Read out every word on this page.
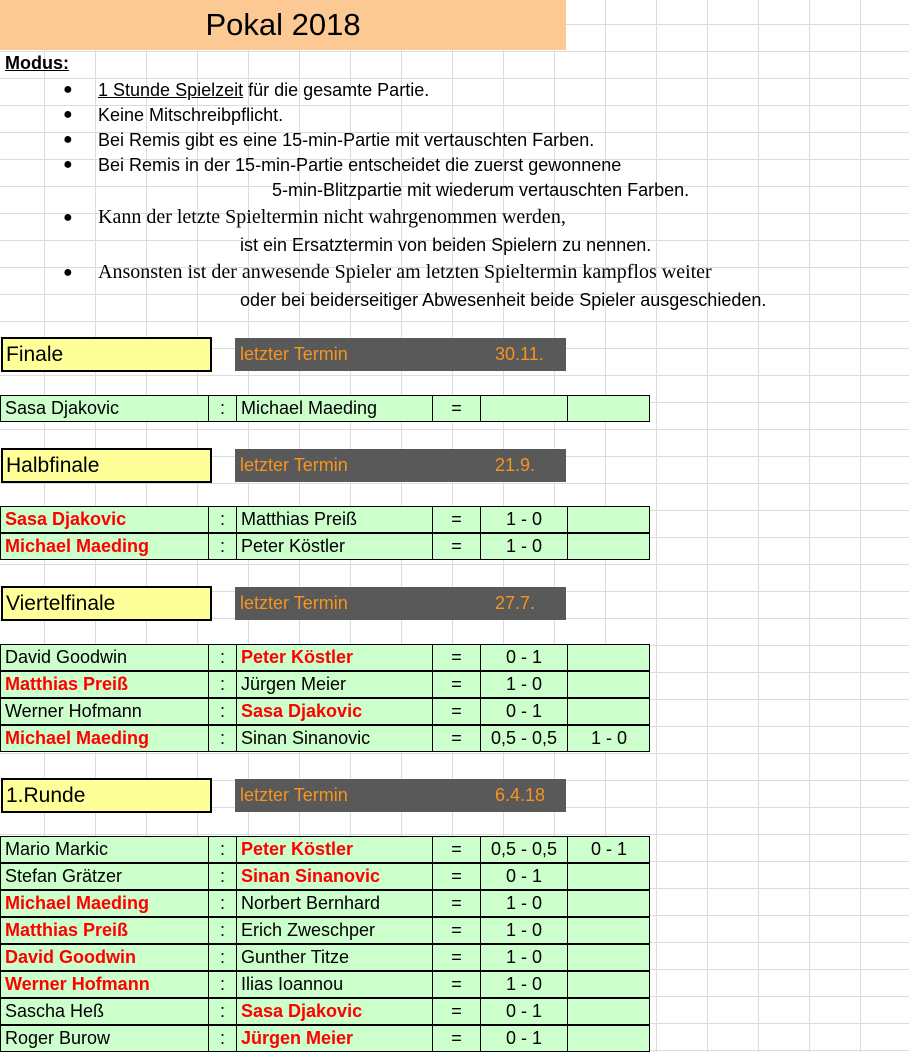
Pokal 2018
Modus:
● 1 Stunde Spielzeit für die gesamte Partie.
● Keine Mitschreibpflicht.
● Bei Remis gibt es eine 15-min-Partie mit vertauschten Farben.
● Bei Remis in der 15-min-Partie entscheidet die zuerst gewonnene
5-min-Blitzpartie mit wiederum vertauschten Farben.
● Kann der letzte Spieltermin nicht wahrgenommen werden,
ist ein Ersatztermin von beiden Spielern zu nennen.
● Ansonsten ist der anwesende Spieler am letzten Spieltermin kampflos weiter
oder bei beiderseitiger Abwesenheit beide Spieler ausgeschieden.
Finale	letzter Termin	30.11.
Sasa Djakovic	: Michael Maeding	=
Halbfinale	letzter Termin	21.9.
Sasa Djakovic	: Matthias Preiß	=	1 - 0
Michael Maeding	: Peter Köstler	=	1 - 0
Viertelfinale	letzter Termin	27.7.
David Goodwin	: Peter Köstler	=	0 - 1
Matthias Preiß	: Jürgen Meier	=	1 - 0
Werner Hofmann	: Sasa Djakovic	=	0 - 1
Michael Maeding	: Sinan Sinanovic	=	0,5 - 0,5	1 - 0
1.Runde	letzter Termin	6.4.18
Mario Markic	: Peter Köstler	=	0,5 - 0,5	0 - 1
Stefan Grätzer	: Sinan Sinanovic	=	0 - 1
Michael Maeding	: Norbert Bernhard	=	1 - 0
Matthias Preiß	: Erich Zweschper	=	1 - 0
David Goodwin	: Gunther Titze	=	1 - 0
Werner Hofmann	: Ilias Ioannou	=	1 - 0
Sascha Heß	: Sasa Djakovic	=	0 - 1
Roger Burow	: Jürgen Meier	=	0 - 1
